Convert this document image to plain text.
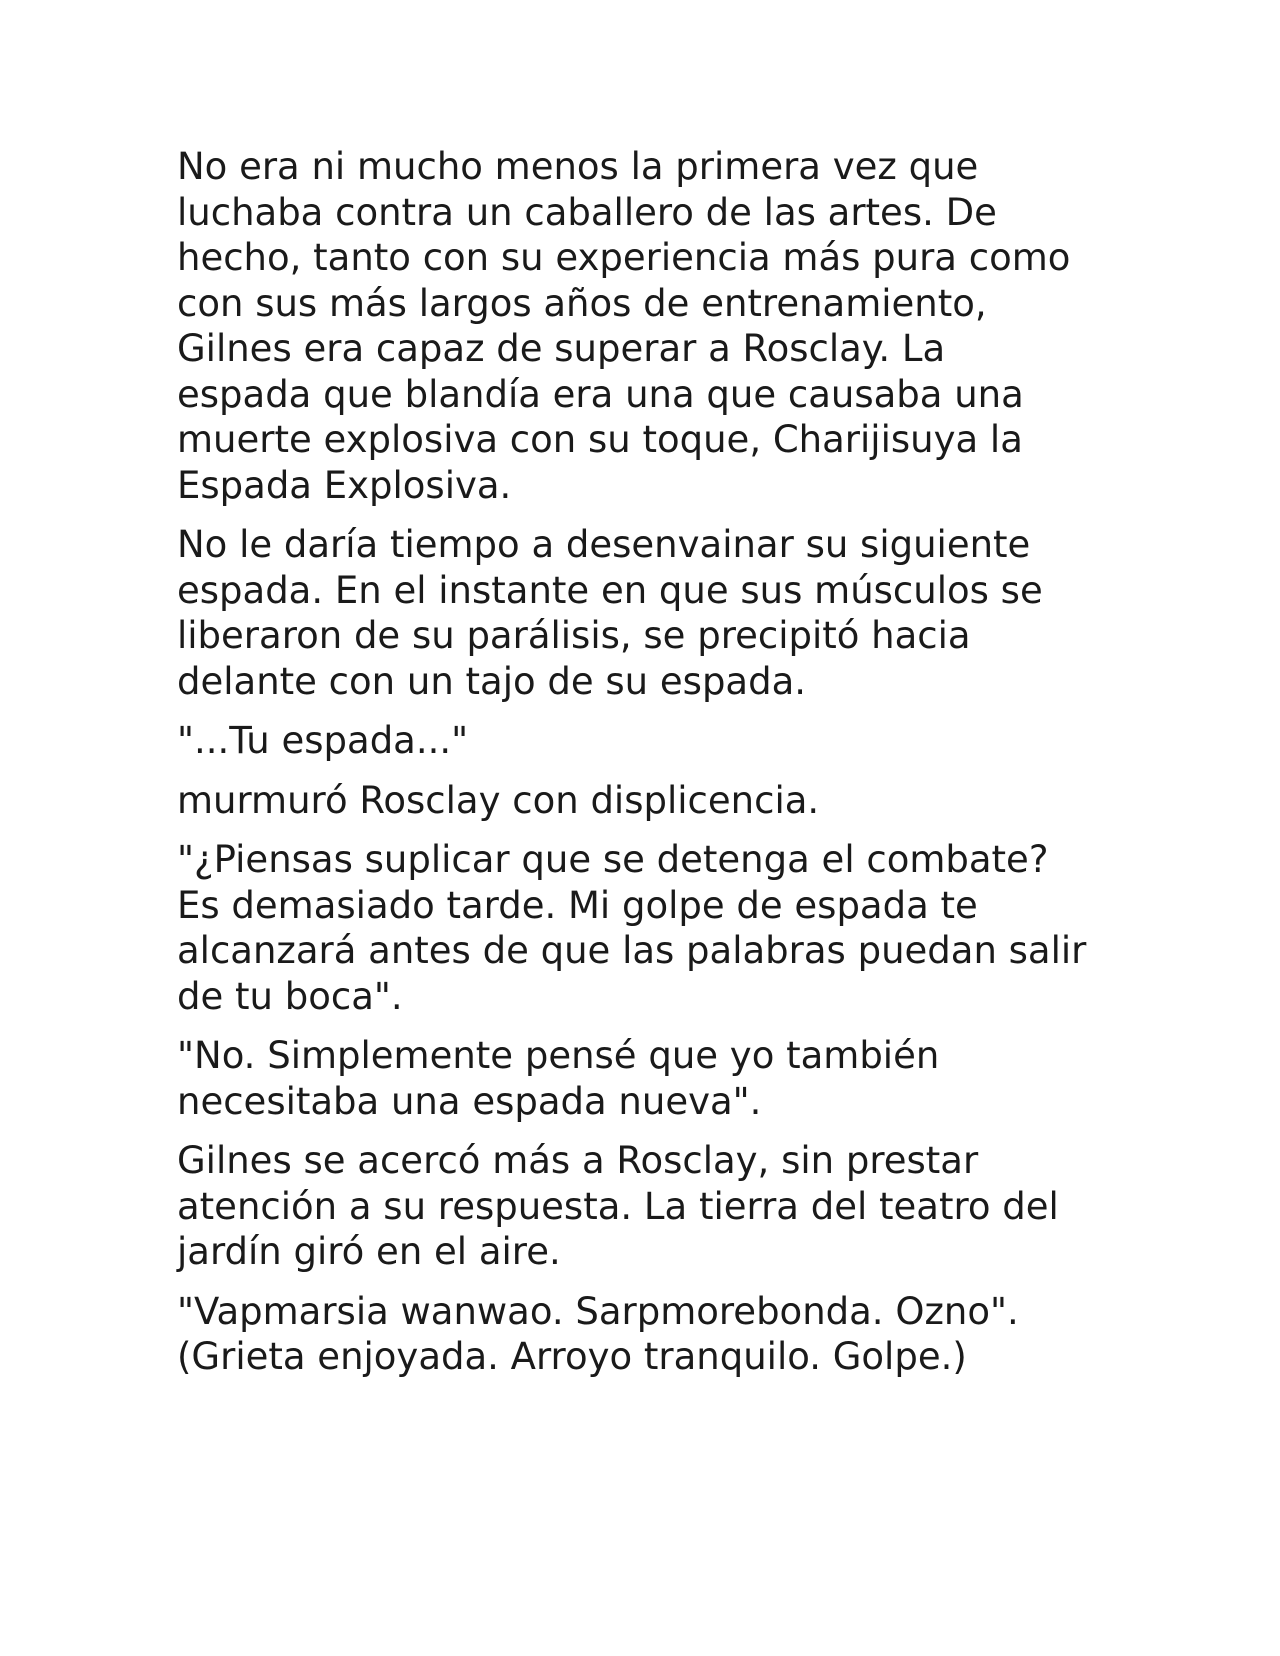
No era ni mucho menos la primera vez que
luchaba contra un caballero de las artes. De
hecho, tanto con su experiencia más pura como
con sus más largos años de entrenamiento,
Gilnes era capaz de superar a Rosclay. La
espada que blandía era una que causaba una
muerte explosiva con su toque, Charijisuya la
Espada Explosiva.

No le daría tiempo a desenvainar su siguiente
espada. En el instante en que sus músculos se
liberaron de su parálisis, se precipitó hacia
delante con un tajo de su espada.

"...Tu espada..."

murmuró Rosclay con displicencia.

"¿Piensas suplicar que se detenga el combate?
Es demasiado tarde. Mi golpe de espada te
alcanzará antes de que las palabras puedan salir
de tu boca".

"No. Simplemente pensé que yo también
necesitaba una espada nueva".

Gilnes se acercó más a Rosclay, sin prestar
atención a su respuesta. La tierra del teatro del
jardín giró en el aire.

"Vapmarsia wanwao. Sarpmorebonda. Ozno".
(Grieta enjoyada. Arroyo tranquilo. Golpe.)
